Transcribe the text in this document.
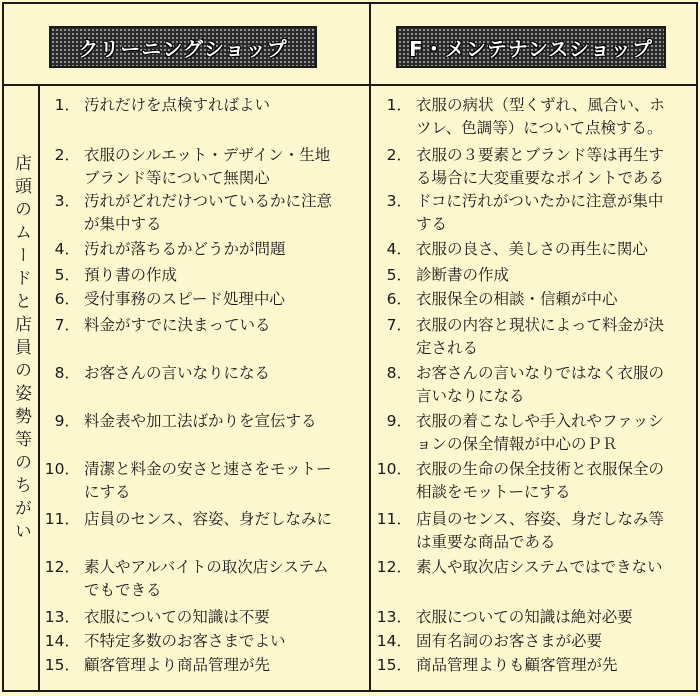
クリーニングショップ	F・メンテナンスショップ
店頭のムードと店員の姿勢等のちがい
1． 汚れだけを点検すればよい
2． 衣服のシルエット・デザイン・生地
ブランド等について無関心
3． 汚れがどれだけついているかに注意
が集中する
4． 汚れが落ちるかどうかが問題
5． 預り書の作成
6． 受付事務のスピード処理中心
7． 料金がすでに決まっている
8． お客さんの言いなりになる
9． 料金表や加工法ばかりを宣伝する
10． 清潔と料金の安さと速さをモットー
にする
11． 店員のセンス、容姿、身だしなみに
12． 素人やアルバイトの取次店システム
でもできる
13． 衣服についての知識は不要
14． 不特定多数のお客さまでよい
15． 顧客管理より商品管理が先
1． 衣服の病状（型くずれ、風合い、ホ
ツレ、色調等）について点検する。
2． 衣服の３要素とブランド等は再生す
る場合に大変重要なポイントである
3． ドコに汚れがついたかに注意が集中
する
4． 衣服の良さ、美しさの再生に関心
5． 診断書の作成
6． 衣服保全の相談・信頼が中心
7． 衣服の内容と現状によって料金が決
定される
8． お客さんの言いなりではなく衣服の
言いなりになる
9． 衣服の着こなしや手入れやファッシ
ョンの保全情報が中心のＰＲ
10． 衣服の生命の保全技術と衣服保全の
相談をモットーにする
11． 店員のセンス、容姿、身だしなみ等
は重要な商品である
12． 素人や取次店システムではできない
13． 衣服についての知識は絶対必要
14． 固有名詞のお客さまが必要
15． 商品管理よりも顧客管理が先
